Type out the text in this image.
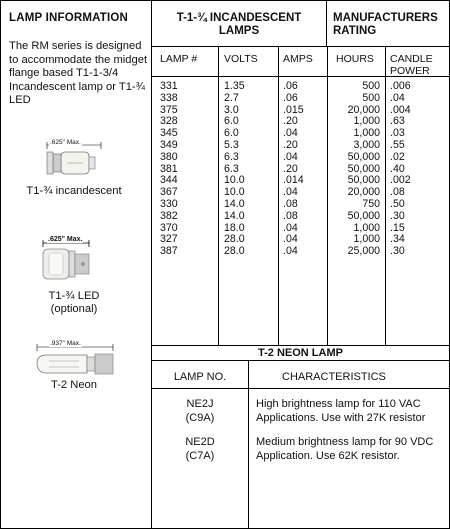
LAMP INFORMATION
The RM series is designed to accommodate the midget flange based T1-1-3/4 Incandescent lamp or T1-¾ LED
.625" Max.
T1-¾ incandescent
.625" Max.
T1-¾ LED
(optional)
.937" Max.
T-2 Neon
T-1-¾ INCANDESCENT
LAMPS
MANUFACTURERS
RATING
LAMP #	VOLTS AMPS HOURS CANDLE
POWER
331
338
375
328
345
349
380
381
344
367
330
382
370
327
387
1.35
2.7
3.0
6.0
6.0
5.3
6.3
6.3
10.0
10.0
14.0
14.0
18.0
28.0
28.0
.06
.06
.015
.20
.04
.20
.04
.20
.014
.04
.08
.08
.04
.04
.04
500
500
20,000
1,000
1,000
3,000
50,000
50,000
50,000
20,000
750
50,000
1,000
1,000
25,000
.006
.04
.004
.63
.03
.55
.02
.40
.002
.08
.50
.30
.15
.34
.30
T-2 NEON LAMP
LAMP NO.	CHARACTERISTICS
NE2J
(C9A)
High brightness lamp for 110 VAC
Applications. Use with 27K resistor
NE2D
(C7A)
Medium brightness lamp for 90 VDC
Application. Use 62K resistor.
